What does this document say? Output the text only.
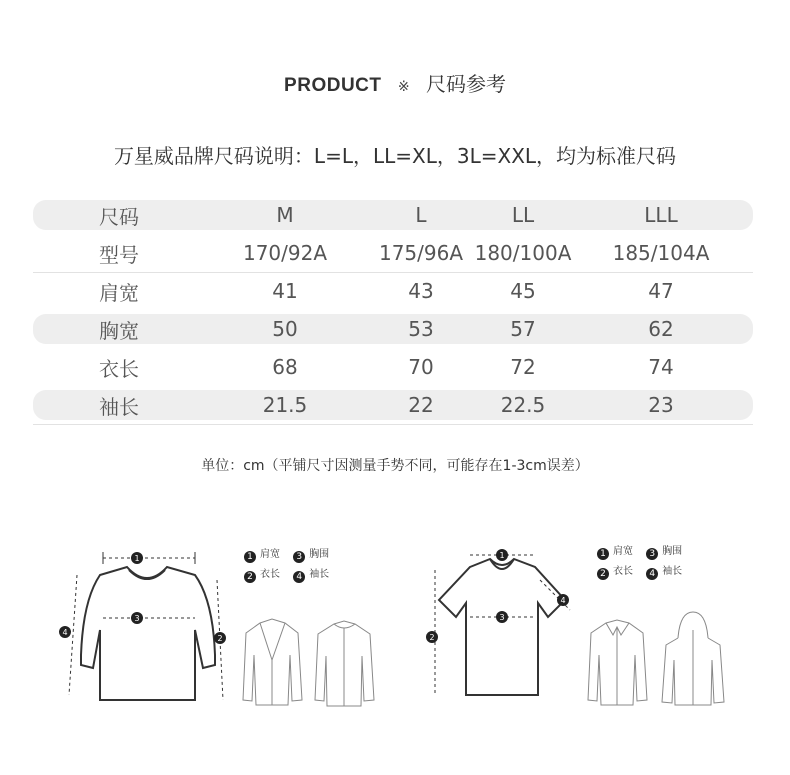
PRODUCT ※ 尺码参考
万星威品牌尺码说明：L=L，LL=XL，3L=XXL，均为标准尺码
尺码	M	L	LL	LLL
型号	170/92A	175/96A 180/100A	185/104A
肩宽	41	43	45	47
胸宽	50	53	57	62
衣长	68	70	72	74
袖长	21.5	22	22.5	23
单位：cm（平铺尺寸因测量手势不同，可能存在1-3cm误差）
1
3
2
4
1 肩宽 3 胸围
2 衣长 4 袖长
1
3
4
2
1 肩宽 3 胸围
2 衣长 4 袖长
